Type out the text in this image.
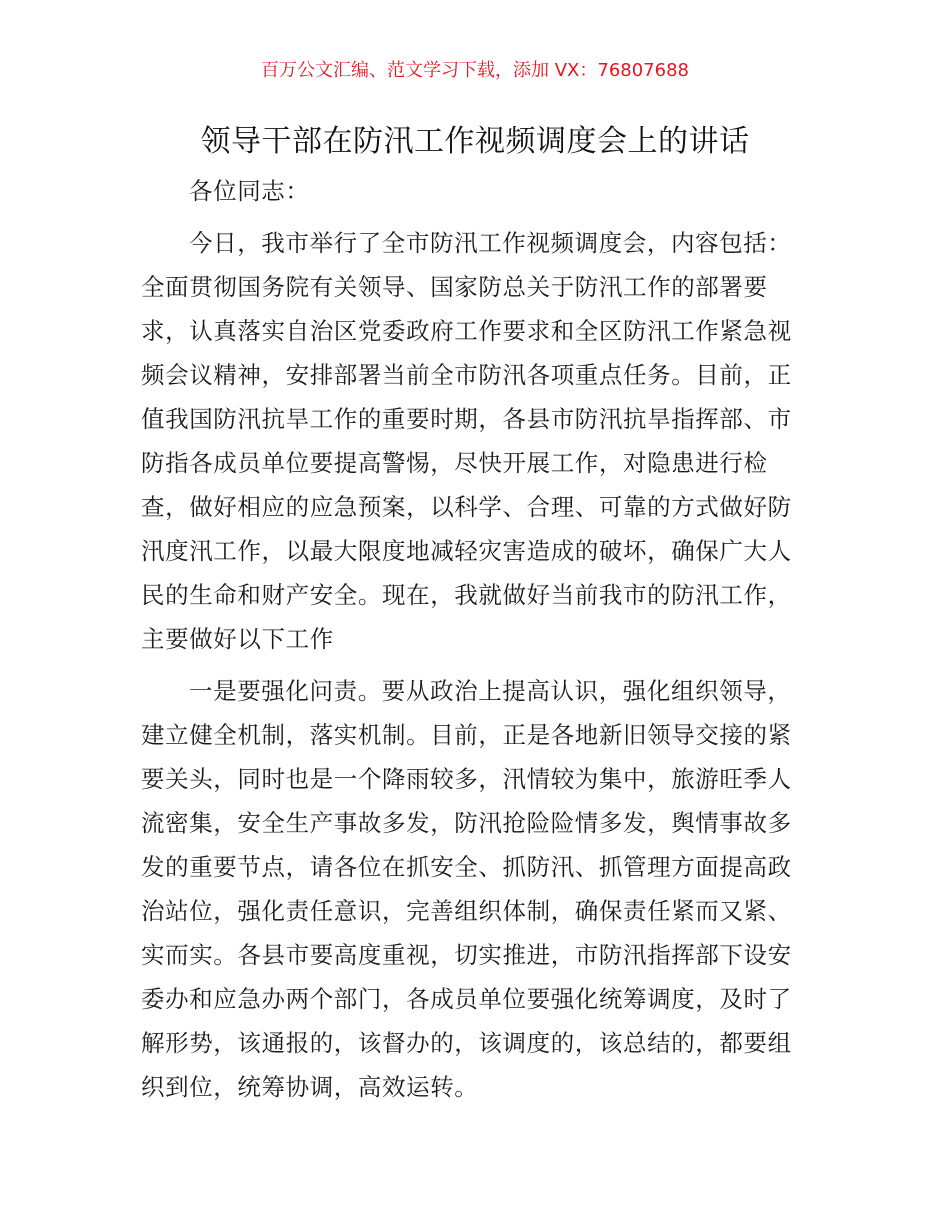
百万公文汇编、范文学习下载，添加 VX：76807688
领导干部在防汛工作视频调度会上的讲话
各位同志：
今日，我市举行了全市防汛工作视频调度会，内容包括：
全面贯彻国务院有关领导、国家防总关于防汛工作的部署要
求，认真落实自治区党委政府工作要求和全区防汛工作紧急视
频会议精神，安排部署当前全市防汛各项重点任务。目前，正
值我国防汛抗旱工作的重要时期，各县市防汛抗旱指挥部、市
防指各成员单位要提高警惕，尽快开展工作，对隐患进行检
查，做好相应的应急预案，以科学、合理、可靠的方式做好防
汛度汛工作，以最大限度地减轻灾害造成的破坏，确保广大人
民的生命和财产安全。现在，我就做好当前我市的防汛工作，
主要做好以下工作
一是要强化问责。要从政治上提高认识，强化组织领导，
建立健全机制，落实机制。目前，正是各地新旧领导交接的紧
要关头，同时也是一个降雨较多，汛情较为集中，旅游旺季人
流密集，安全生产事故多发，防汛抢险险情多发，舆情事故多
发的重要节点，请各位在抓安全、抓防汛、抓管理方面提高政
治站位，强化责任意识，完善组织体制，确保责任紧而又紧、
实而实。各县市要高度重视，切实推进，市防汛指挥部下设安
委办和应急办两个部门，各成员单位要强化统筹调度，及时了
解形势，该通报的，该督办的，该调度的，该总结的，都要组
织到位，统筹协调，高效运转。
